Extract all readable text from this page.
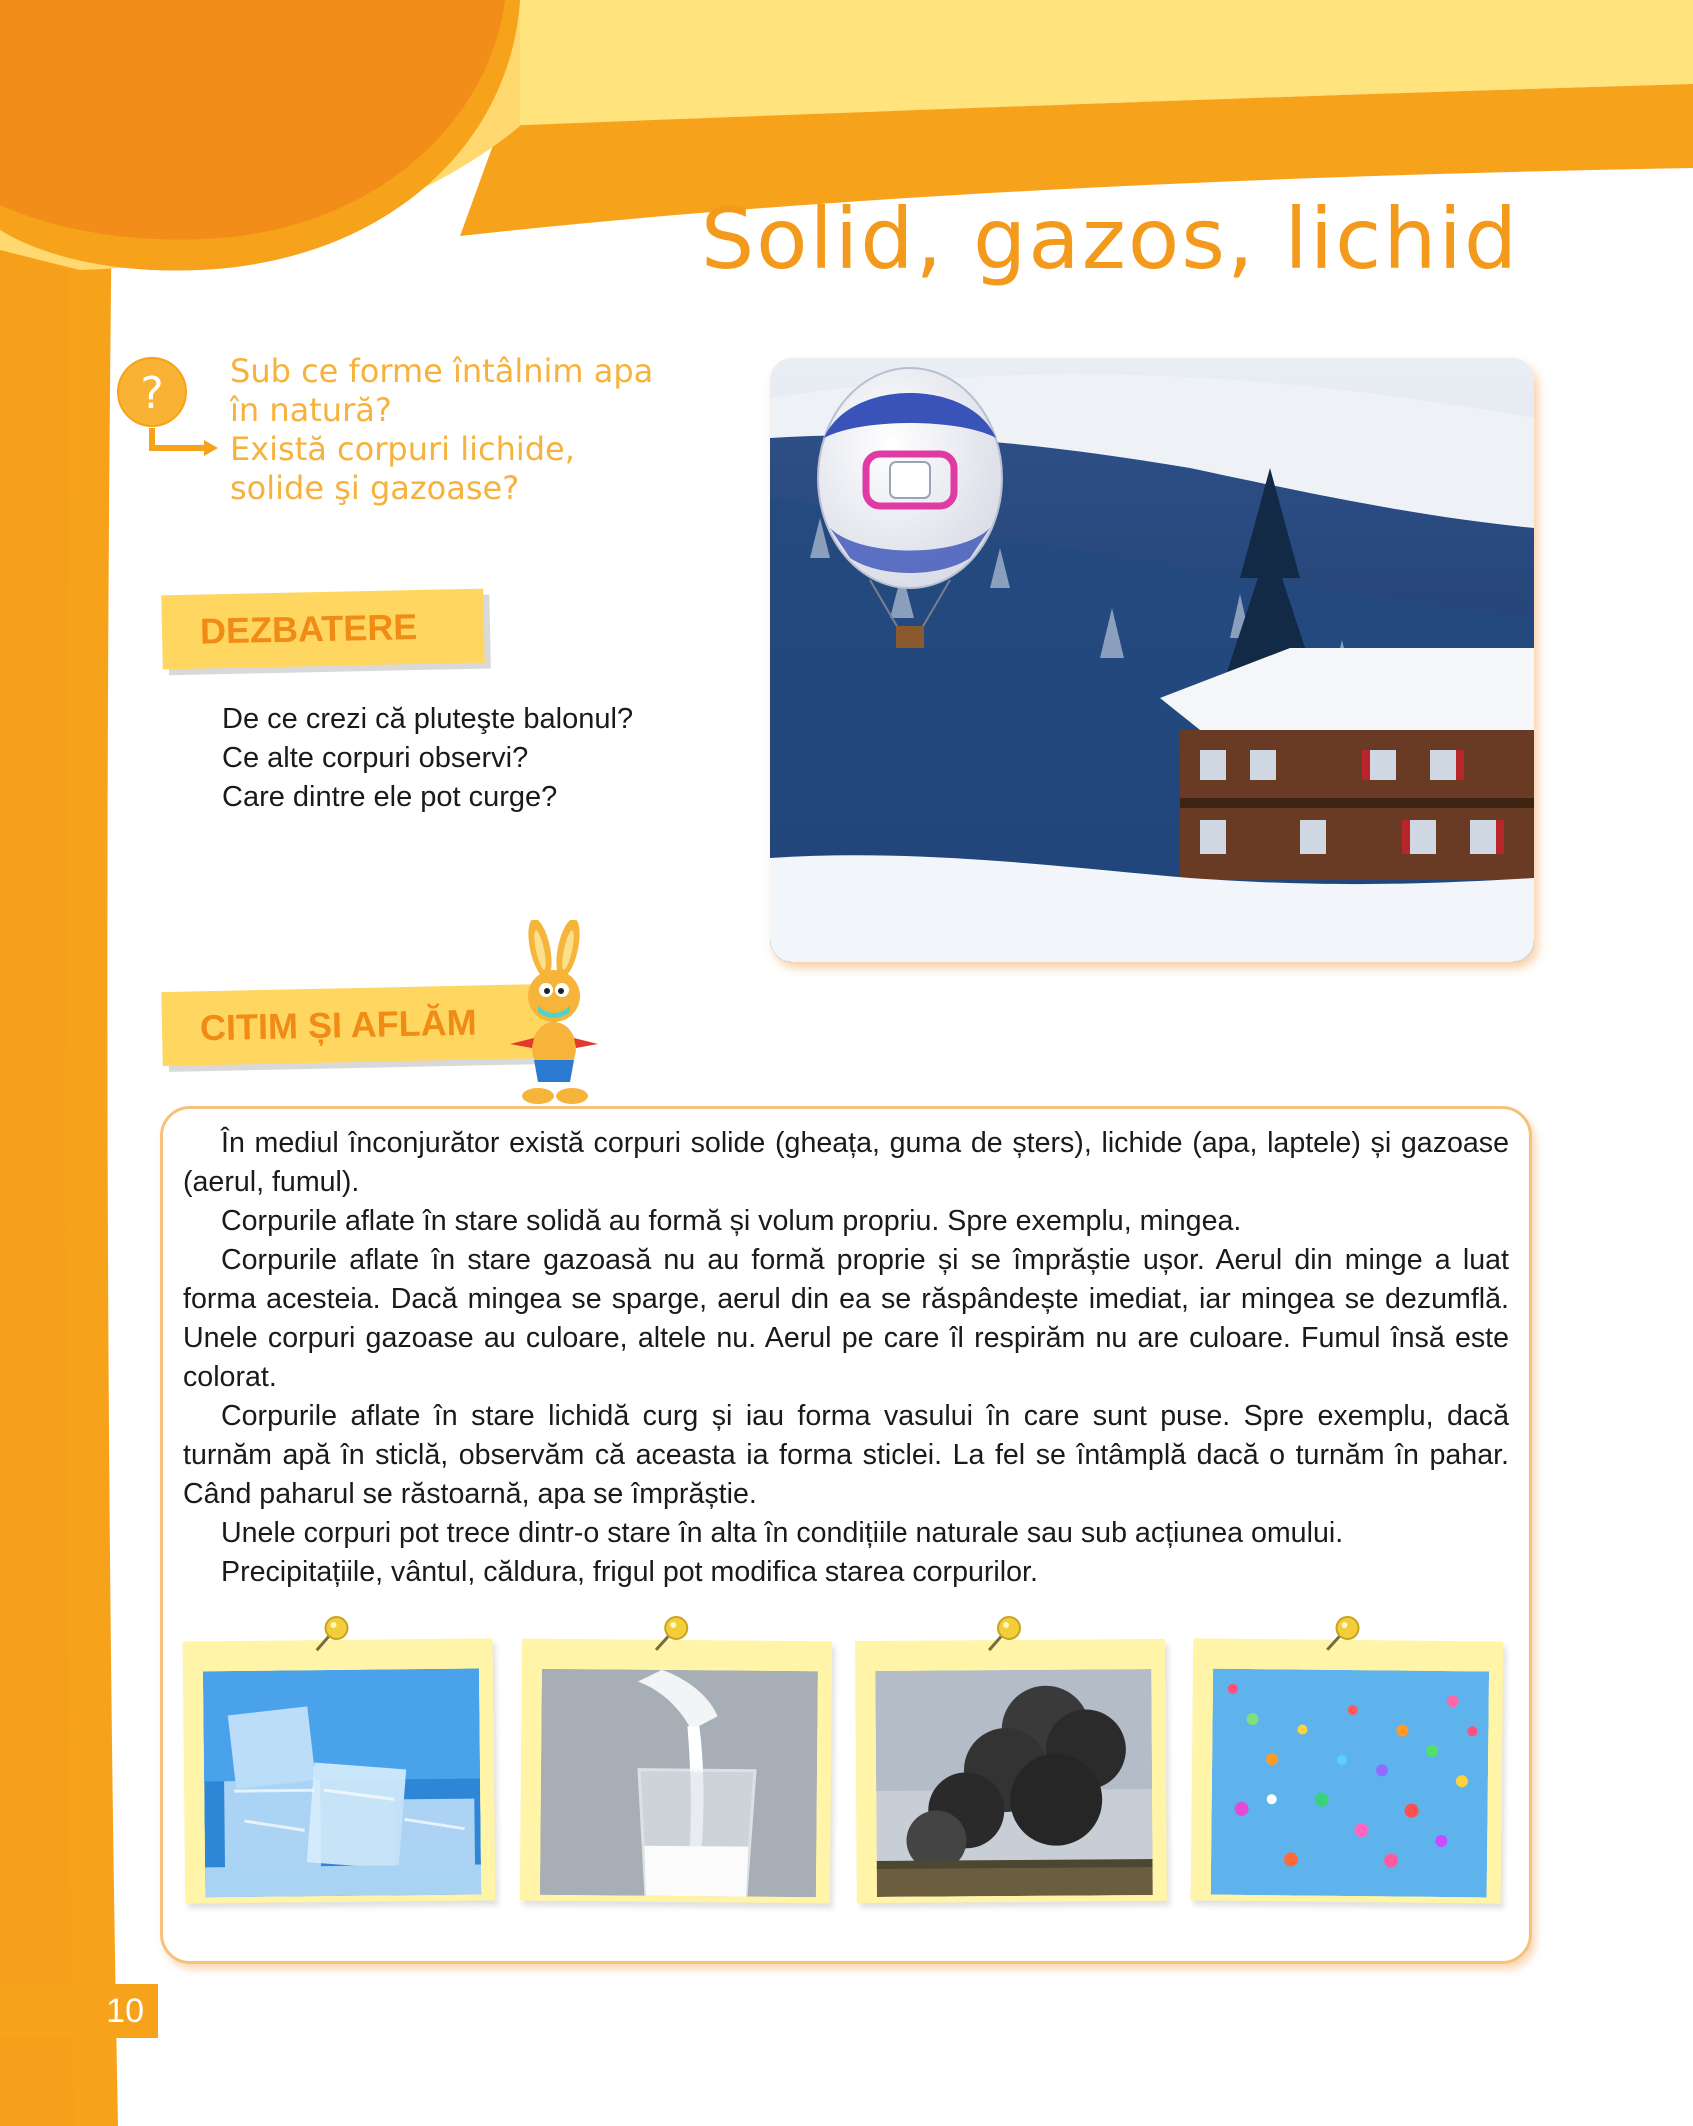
Solid, gazos, lichid
? Sub ce forme întâlnim apa
în natură?
Există corpuri lichide,
solide şi gazoase?
DEZBATERE
De ce crezi că pluteşte balonul?
Ce alte corpuri observi?
Care dintre ele pot curge?
CITIM ȘI AFLĂM

În mediul înconjurător există corpuri solide (gheața, guma de șters), lichide (apa, laptele) și gazoase (aerul, fumul).

Corpurile aflate în stare solidă au formă și volum propriu. Spre exemplu, mingea.

Corpurile aflate în stare gazoasă nu au formă proprie și se împrăștie ușor. Aerul din minge a luat forma acesteia. Dacă mingea se sparge, aerul din ea se răspândește imediat, iar mingea se dezumflă. Unele corpuri gazoase au culoare, altele nu. Aerul pe care îl respirăm nu are culoare. Fumul însă este colorat.

Corpurile aflate în stare lichidă curg și iau forma vasului în care sunt puse. Spre exemplu, dacă turnăm apă în sticlă, observăm că aceasta ia forma sticlei. La fel se întâmplă dacă o turnăm în pahar. Când paharul se răstoarnă, apa se împrăștie.

Unele corpuri pot trece dintr-o stare în alta în condițiile naturale sau sub acțiunea omului.

Precipitațiile, vântul, căldura, frigul pot modifica starea corpurilor.

10
